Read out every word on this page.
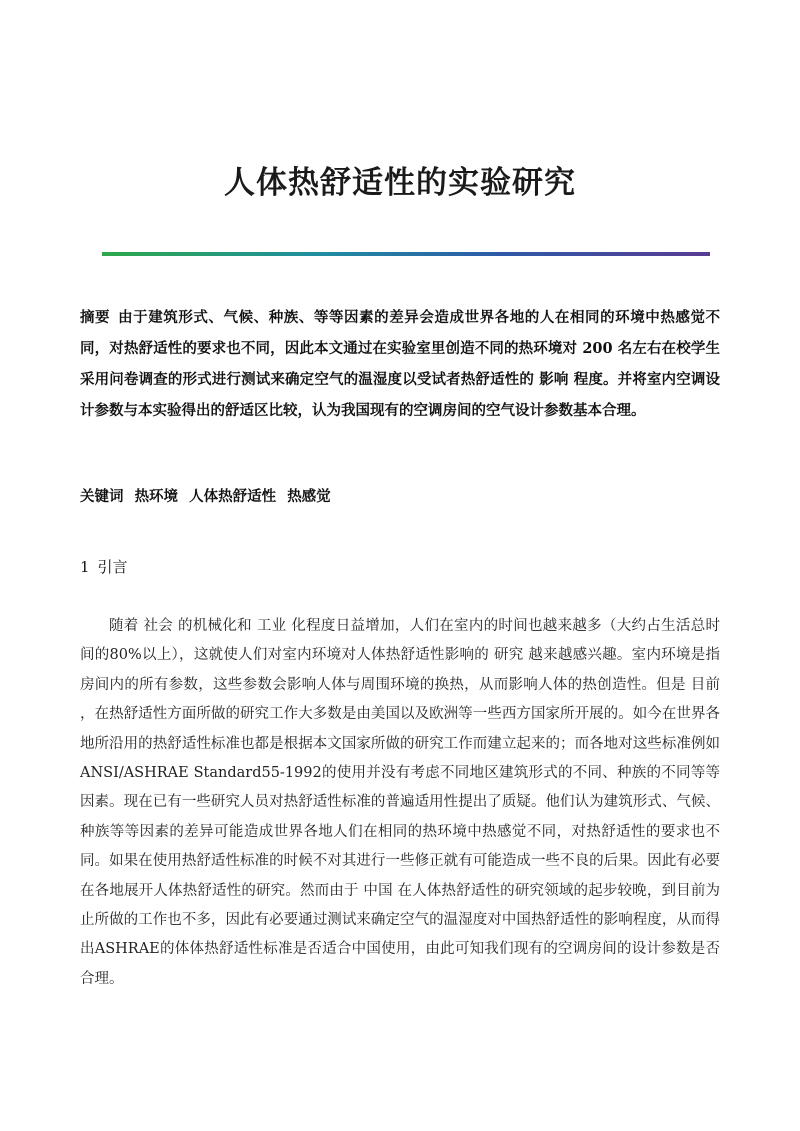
人体热舒适性的实验研究
摘要 由于建筑形式、气候、种族、等等因素的差异会造成世界各地的人在相同的环境中热感觉不同，对热舒适性的要求也不同，因此本文通过在实验室里创造不同的热环境对 200 名左右在校学生采用问卷调查的形式进行测试来确定空气的温湿度以受试者热舒适性的 影响 程度。并将室内空调设计参数与本实验得出的舒适区比较，认为我国现有的空调房间的空气设计参数基本合理。
关键词 热环境 人体热舒适性 热感觉
1 引言

随着 社会 的机械化和 工业 化程度日益增加，人们在室内的时间也越来越多（大约占生活总时间的80%以上），这就使人们对室内环境对人体热舒适性影响的 研究 越来越感兴趣。室内环境是指房间内的所有参数，这些参数会影响人体与周围环境的换热，从而影响人体的热创造性。但是 目前 ，在热舒适性方面所做的研究工作大多数是由美国以及欧洲等一些西方国家所开展的。如今在世界各地所沿用的热舒适性标准也都是根据本文国家所做的研究工作而建立起来的；而各地对这些标准例如ANSI/ASHRAE Standard55-1992的使用并没有考虑不同地区建筑形式的不同、种族的不同等等因素。现在已有一些研究人员对热舒适性标准的普遍适用性提出了质疑。他们认为建筑形式、气候、种族等等因素的差异可能造成世界各地人们在相同的热环境中热感觉不同，对热舒适性的要求也不同。如果在使用热舒适性标准的时候不对其进行一些修正就有可能造成一些不良的后果。因此有必要在各地展开人体热舒适性的研究。然而由于 中国 在人体热舒适性的研究领域的起步较晚，到目前为止所做的工作也不多，因此有必要通过测试来确定空气的温湿度对中国热舒适性的影响程度，从而得出ASHRAE的体体热舒适性标准是否适合中国使用，由此可知我们现有的空调房间的设计参数是否合理。
